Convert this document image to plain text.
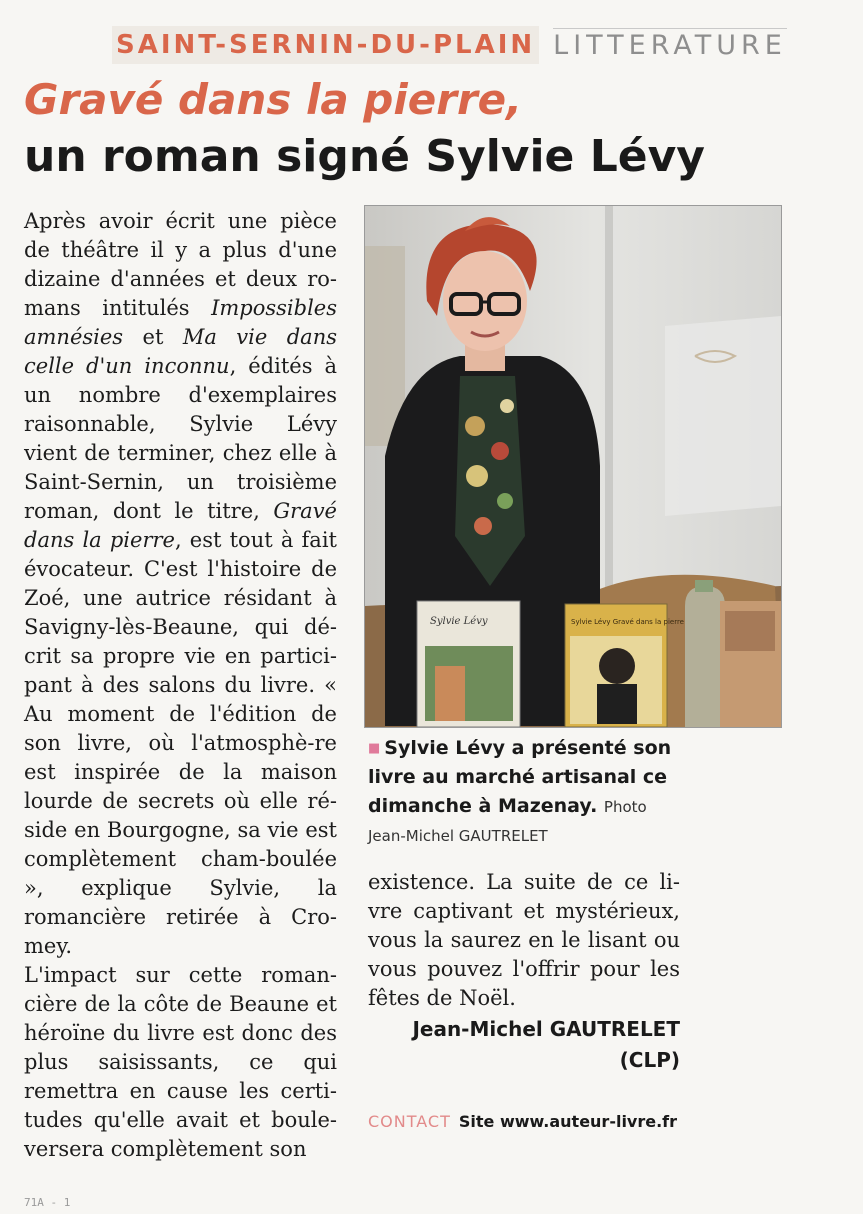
SAINT-SERNIN-DU-PLAIN LITTERATURE
Gravé dans la pierre,
un roman signé Sylvie Lévy

Après avoir écrit une pièce de théâtre il y a plus d'une dizaine d'années et deux ro-mans intitulés Impossibles amnésies et Ma vie dans celle d'un inconnu, édités à un nombre d'exemplaires raisonnable, Sylvie Lévy vient de terminer, chez elle à Saint-Sernin, un troisième roman, dont le titre, Gravé dans la pierre, est tout à fait évocateur. C'est l'histoire de Zoé, une autrice résidant à Savigny-lès-Beaune, qui dé-crit sa propre vie en partici-pant à des salons du livre. « Au moment de l'édition de son livre, où l'atmosphè-re est inspirée de la maison lourde de secrets où elle ré-side en Bourgogne, sa vie est complètement cham-boulée », explique Sylvie, la romancière retirée à Cro-mey.

L'impact sur cette roman-cière de la côte de Beaune et héroïne du livre est donc des plus saisissants, ce qui remettra en cause les certi-tudes qu'elle avait et boule-versera complètement son

Sylvie Lévy	Sylvie Lévy Gravé dans la pierre
■ Sylvie Lévy a présenté son livre au marché artisanal ce dimanche à Mazenay. Photo
Jean-Michel GAUTRELET

existence. La suite de ce li-vre captivant et mystérieux, vous la saurez en le lisant ou vous pouvez l'offrir pour les fêtes de Noël.

Jean-Michel GAUTRELET
(CLP)
CONTACT Site www.auteur-livre.fr
71A - 1
